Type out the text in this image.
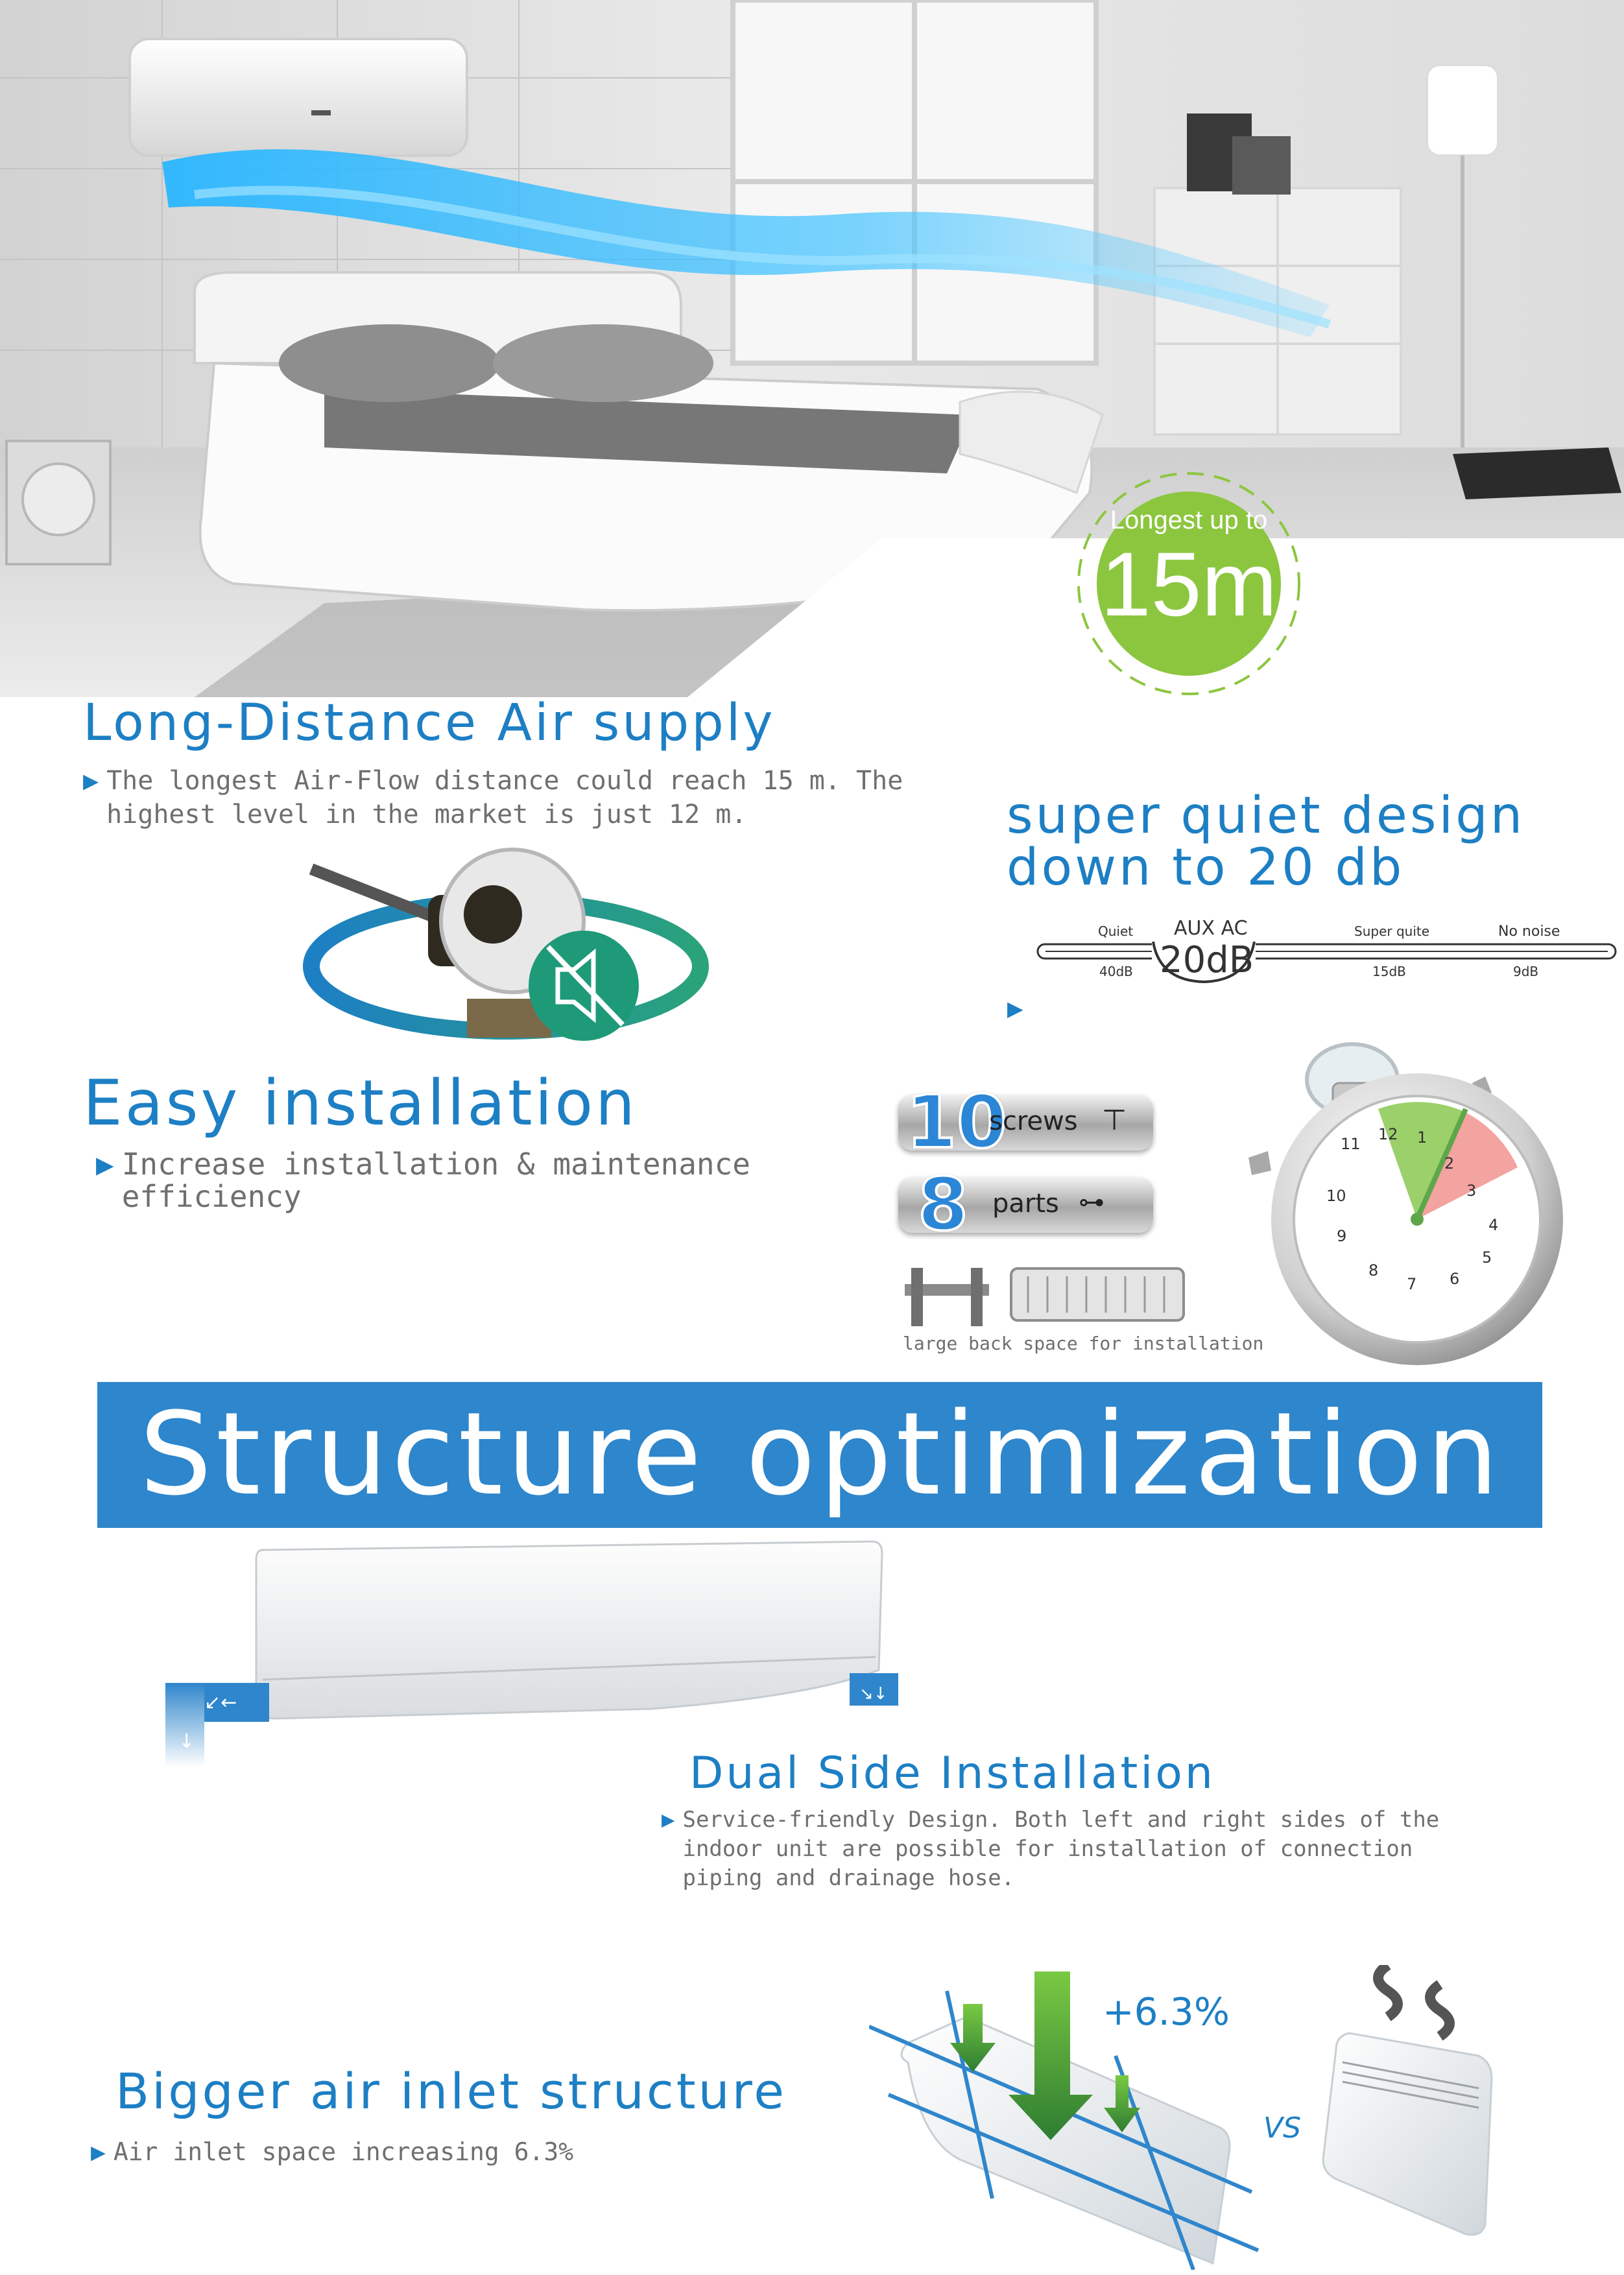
Longest up to
15m
Long-Distance Air supply
▶ The longest Air-Flow distance could reach 15 m. The
highest level in the market is just 12 m.	super quiet design
down to 20 db
Quiet AUX AC	Super quite	No noise
40dB 20dB	15dB	9dB
▶
Easy installation
▶ Increase installation & maintenance
efficiency
10
screws ⊤
8 parts ⊶
large back space for installation
11
12 1
2
3
4
5
6
7
8
9
10
Structure optimization
↙←
↓
↘↓
Dual Side Installation
▶ Service-friendly Design. Both left and right sides of the
indoor unit are possible for installation of connection
piping and drainage hose.
Bigger air inlet structure
▶ Air inlet space increasing 6.3%
+6.3%
VS
